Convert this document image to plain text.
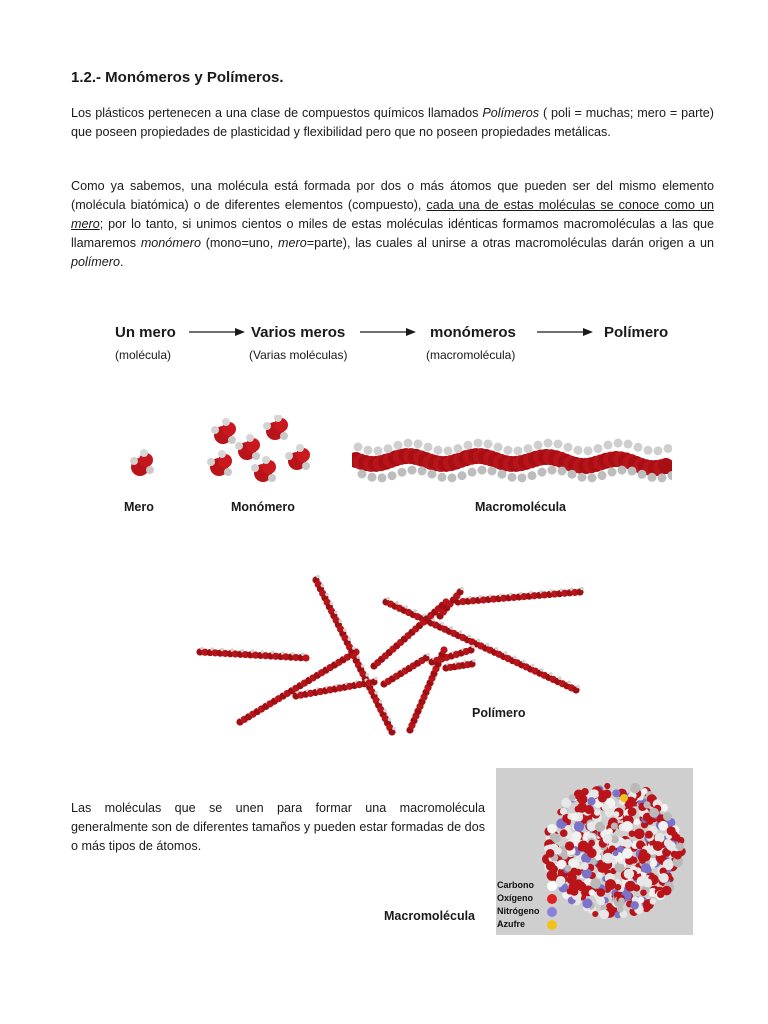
1.2.- Monómeros y Polímeros.

Los plásticos pertenecen a una clase de compuestos químicos llamados Polímeros ( poli = muchas; mero = parte) que poseen propiedades de plasticidad y flexibilidad pero que no poseen propiedades metálicas.

Como ya sabemos, una molécula está formada por dos o más átomos que pueden ser del mismo elemento (molécula biatómica) o de diferentes elementos (compuesto), cada una de estas moléculas se conoce como un mero; por lo tanto, si unimos cientos o miles de estas moléculas idénticas formamos macromoléculas a las que llamaremos monómero (mono=uno, mero=parte), las cuales al unirse a otras macromoléculas darán origen a un polímero.

Un mero
(molécula)
Varios meros
(Varias moléculas)
monómeros
(macromolécula)
Polímero
Mero	Monómero	Macromolécula
Polímero

Las moléculas que se unen para formar una macromolécula generalmente son de diferentes tamaños y pueden estar formadas de dos o más tipos de átomos.

Carbono
Oxígeno
Nitrógeno
Azufre
Macromolécula
